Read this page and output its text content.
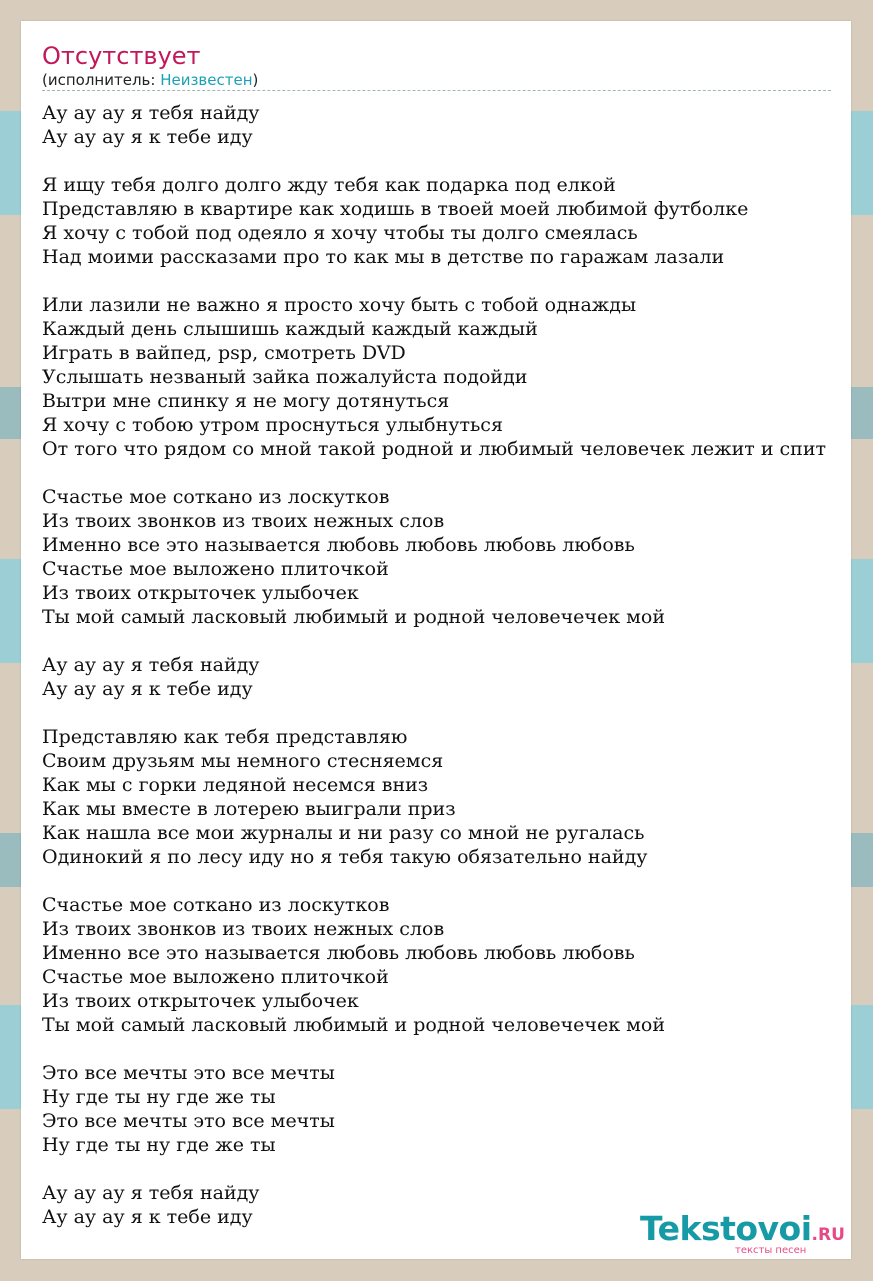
Отсутствует
(исполнитель: Неизвестен)
Ау ау ау я тебя найду
Ау ау ау я к тебе иду
Я ищу тебя долго долго жду тебя как подарка под елкой
Представляю в квартире как ходишь в твоей моей любимой футболке
Я хочу с тобой под одеяло я хочу чтобы ты долго смеялась
Над моими рассказами про то как мы в детстве по гаражам лазали
Или лазили не важно я просто хочу быть с тобой однажды
Каждый день слышишь каждый каждый каждый
Играть в вайпед, psp, смотреть DVD
Услышать незваный зайка пожалуйста подойди
Вытри мне спинку я не могу дотянуться
Я хочу с тобою утром проснуться улыбнуться
От того что рядом со мной такой родной и любимый человечек лежит и спит
Счастье мое соткано из лоскутков
Из твоих звонков из твоих нежных слов
Именно все это называется любовь любовь любовь любовь
Счастье мое выложено плиточкой
Из твоих открыточек улыбочек
Ты мой самый ласковый любимый и родной человечечек мой
Ау ау ау я тебя найду
Ау ау ау я к тебе иду
Представляю как тебя представляю
Своим друзьям мы немного стесняемся
Как мы с горки ледяной несемся вниз
Как мы вместе в лотерею выиграли приз
Как нашла все мои журналы и ни разу со мной не ругалась
Одинокий я по лесу иду но я тебя такую обязательно найду
Счастье мое соткано из лоскутков
Из твоих звонков из твоих нежных слов
Именно все это называется любовь любовь любовь любовь
Счастье мое выложено плиточкой
Из твоих открыточек улыбочек
Ты мой самый ласковый любимый и родной человечечек мой
Это все мечты это все мечты
Ну где ты ну где же ты
Это все мечты это все мечты
Ну где ты ну где же ты
Ау ау ау я тебя найду
Ау ау ау я к тебе иду	Tekstovoi.RU
тексты песен
